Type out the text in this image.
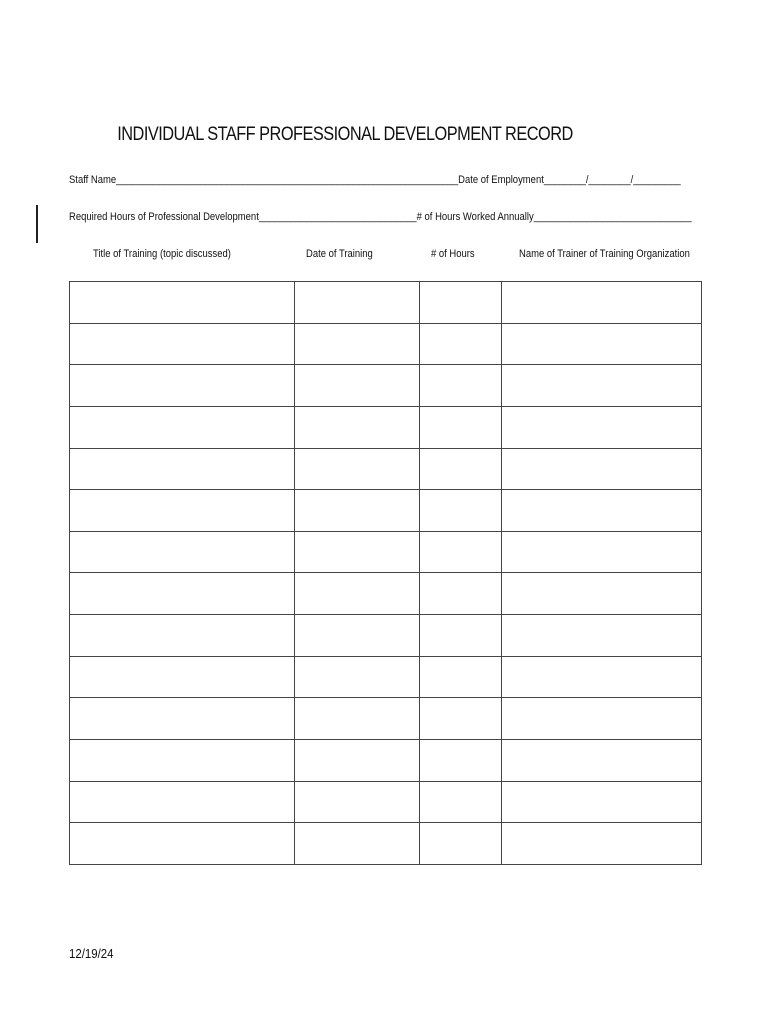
INDIVIDUAL STAFF PROFESSIONAL DEVELOPMENT RECORD
Staff Name_________________________________________________________________Date of Employment________/________/_________
Required Hours of Professional Development______________________________# of Hours Worked Annually______________________________
Title of Training (topic discussed)	Date of Training	# of Hours	Name of Trainer of Training Organization

12/19/24
